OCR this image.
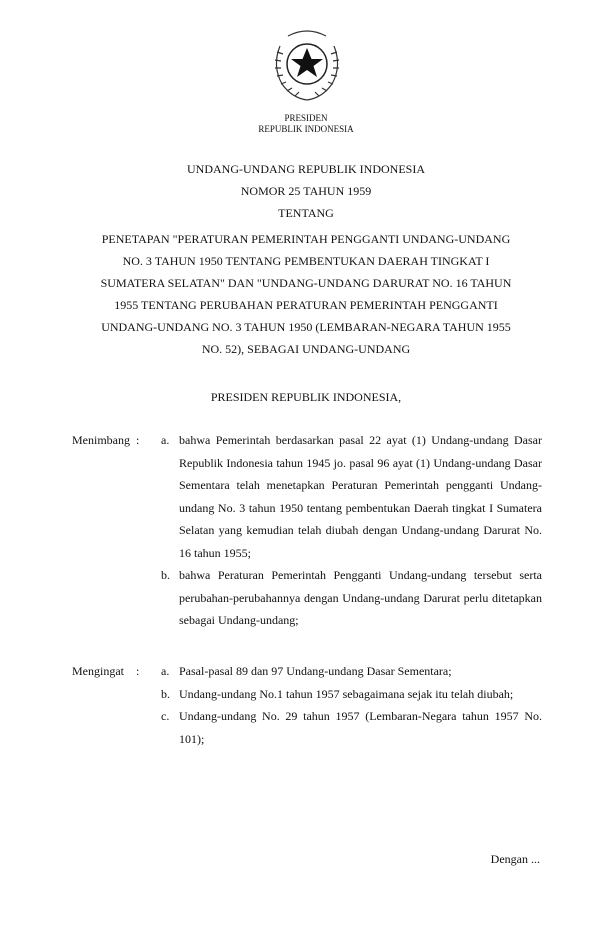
PRESIDEN
REPUBLIK INDONESIA
UNDANG-UNDANG REPUBLIK INDONESIA
NOMOR 25 TAHUN 1959
TENTANG
PENETAPAN "PERATURAN PEMERINTAH PENGGANTI UNDANG-UNDANG
NO. 3 TAHUN 1950 TENTANG PEMBENTUKAN DAERAH TINGKAT I
SUMATERA SELATAN" DAN "UNDANG-UNDANG DARURAT NO. 16 TAHUN
1955 TENTANG PERUBAHAN PERATURAN PEMERINTAH PENGGANTI
UNDANG-UNDANG NO. 3 TAHUN 1950 (LEMBARAN-NEGARA TAHUN 1955
NO. 52), SEBAGAI UNDANG-UNDANG
PRESIDEN REPUBLIK INDONESIA,
Menimbang :	a. bahwa Pemerintah berdasarkan pasal 22 ayat (1) Undang-undang Dasar Republik Indonesia tahun 1945 jo. pasal 96 ayat (1) Undang-undang Dasar Sementara telah menetapkan Peraturan Pemerintah pengganti Undang-undang No. 3 tahun 1950 tentang pembentukan Daerah tingkat I Sumatera Selatan yang kemudian telah diubah dengan Undang-undang Darurat No. 16 tahun 1955;
b. bahwa Peraturan Pemerintah Pengganti Undang-undang tersebut serta perubahan-perubahannya dengan Undang-undang Darurat perlu ditetapkan sebagai Undang-undang;
Mengingat	:	a. Pasal-pasal 89 dan 97 Undang-undang Dasar Sementara;
b. Undang-undang No.1 tahun 1957 sebagaimana sejak itu telah diubah;
c. Undang-undang No. 29 tahun 1957 (Lembaran-Negara tahun 1957 No. 101);
Dengan ...
